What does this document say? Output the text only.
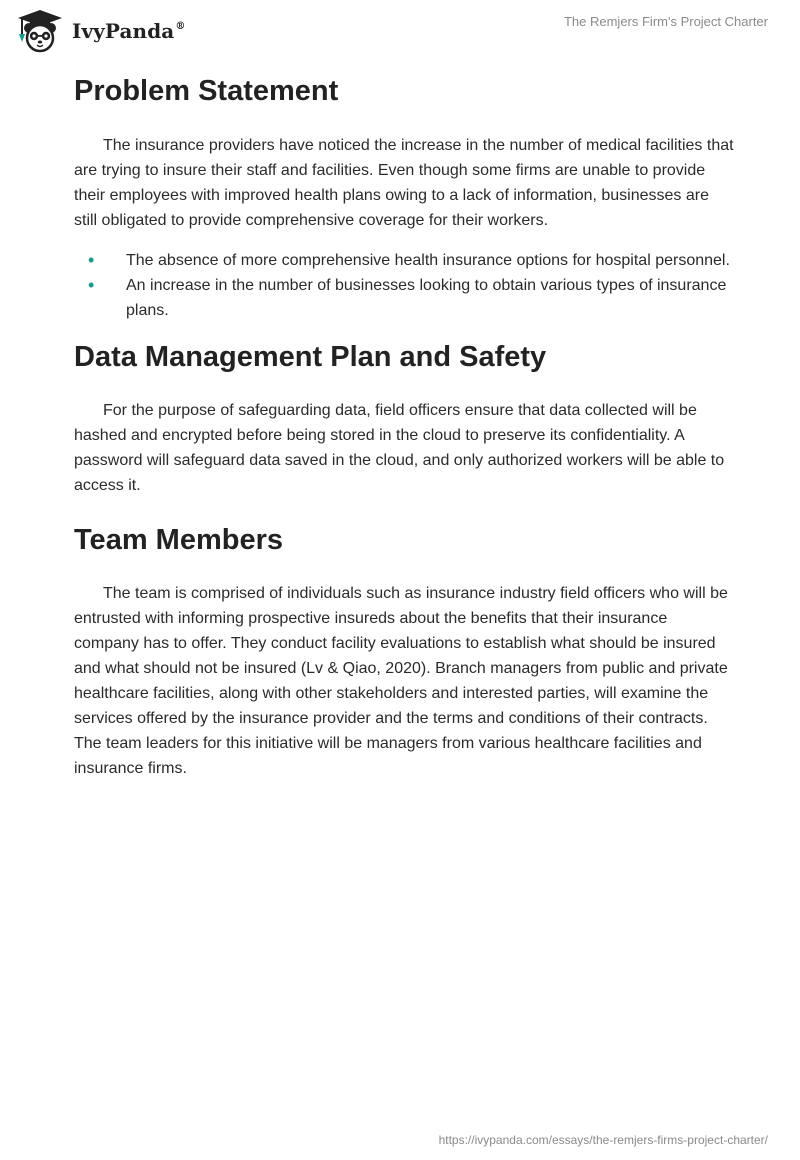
IvyPanda®	The Remjers Firm's Project Charter
Problem Statement

The insurance providers have noticed the increase in the number of medical facilities that are trying to insure their staff and facilities. Even though some firms are unable to provide their employees with improved health plans owing to a lack of information, businesses are still obligated to provide comprehensive coverage for their workers.

• The absence of more comprehensive health insurance options for hospital personnel.
• An increase in the number of businesses looking to obtain various types of insurance plans.
Data Management Plan and Safety

For the purpose of safeguarding data, field officers ensure that data collected will be hashed and encrypted before being stored in the cloud to preserve its confidentiality. A password will safeguard data saved in the cloud, and only authorized workers will be able to access it.

Team Members

The team is comprised of individuals such as insurance industry field officers who will be entrusted with informing prospective insureds about the benefits that their insurance company has to offer. They conduct facility evaluations to establish what should be insured and what should not be insured (Lv & Qiao, 2020). Branch managers from public and private healthcare facilities, along with other stakeholders and interested parties, will examine the services offered by the insurance provider and the terms and conditions of their contracts. The team leaders for this initiative will be managers from various healthcare facilities and insurance firms.

https://ivypanda.com/essays/the-remjers-firms-project-charter/
